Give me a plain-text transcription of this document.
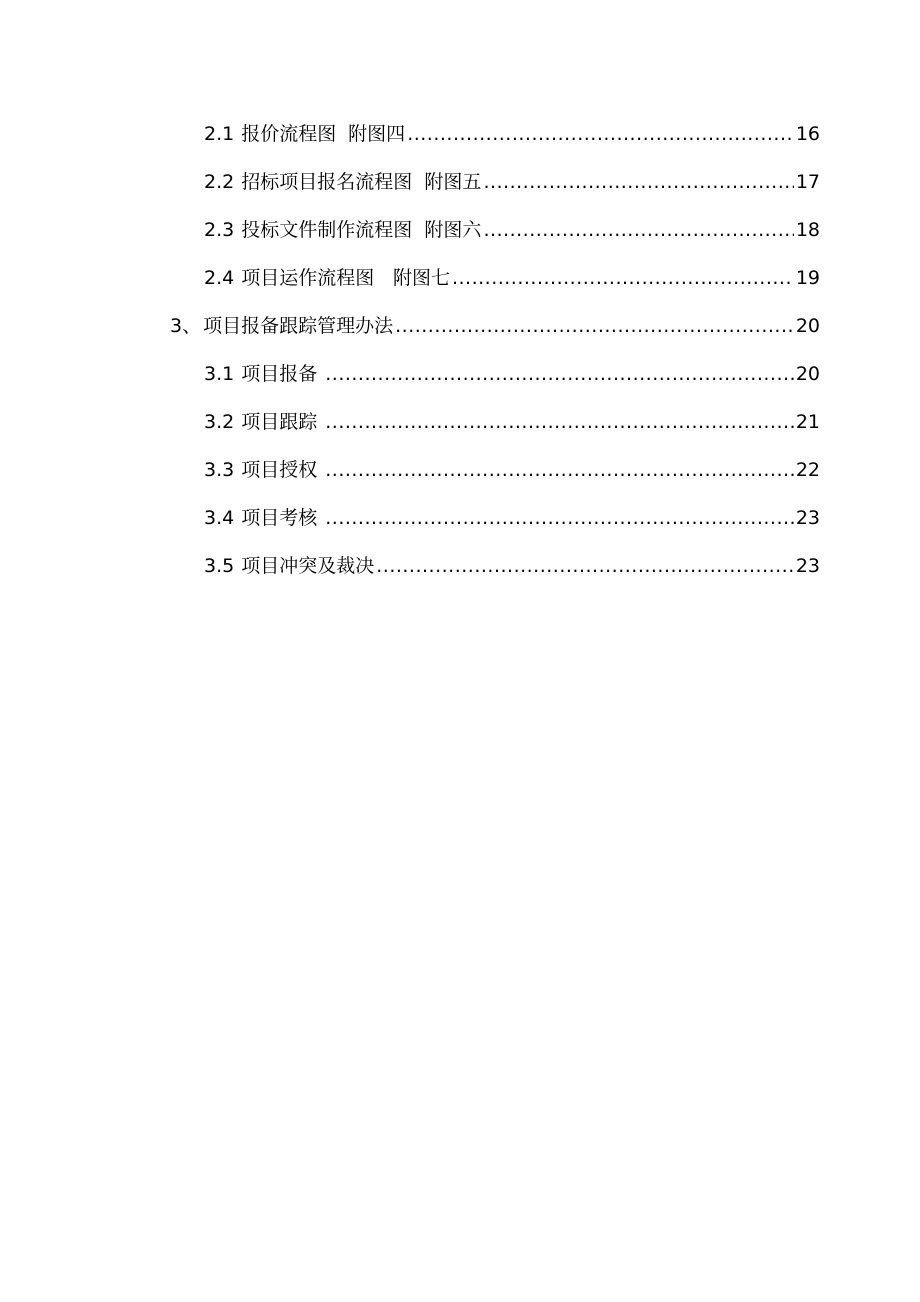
2.1 报价流程图 附图四 .....	16
2.2 招标项目报名流程图 附图五 .....	17
2.3 投标文件制作流程图 附图六 .....	18
2.4 项目运作流程图 附图七 .....	19
3、 项目报备跟踪管理办法 .....	20
3.1 项目报备 .....	20
3.2 项目跟踪 .....	21
3.3 项目授权 .....	22
3.4 项目考核 .....	23
3.5 项目冲突及裁决 .....	23
